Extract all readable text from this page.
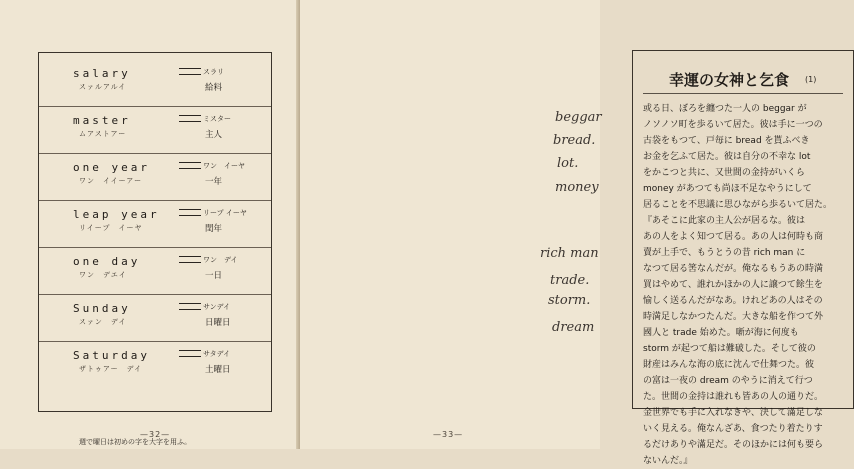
salary
スァルアルイ
スラリ
給料
master
ムアストアー
ミスター
主人
one year
ワン　イイーアー
ワン　イーヤ
一年
leap year
リイープ　イーヤ
リープ イーヤ
閏年
one day
ワン　デエイ
ワン　デイ
一日
Sunday
スァン　デイ
サンデイ
日曜日
Saturday
ザトゥアー　デイ
サタデイ
土曜日
週で曜日は初めの字を大字を用ふ。
—32—
幸運の女神と乞食 (1)
或る日、ぼろを纏つた一人の beggar が
ノソノソ町を歩るいて居た。彼は手に一つの
古袋をもつて、戸毎に bread を貰ふべき
お金を乞ふて居た。彼は自分の不幸な lot
をかこつと共に、又世間の金持がいくら
money があつても尚ほ不足なやうにして
居ることを不思議に思ひながら歩るいて居た。
『あそこに此家の主人公が居るな。彼は
あの人をよく知つて居る。あの人は何時も商
賣が上手で、もうとうの昔 rich man に
なつて居る筈なんだが。俺なるもうあの時満
買はやめて、誰れかほかの人に譲つて餘生を
愉しく送るんだがなあ。けれどあの人はその
時満足しなかつたんだ。大きな船を作つて外
國人と trade 始めた。噺が海に何度も
storm が起つて船は難破した。そして彼の
財産はみんな海の底に沈んで仕舞つた。彼
の富は一夜の dream のやうに消えて行つ
た。世間の金持は誰れも皆あの人の通りだ。
金世界でも手に入れなきや、決して滿足しな
いく見える。俺なんざあ、食つたり着たりす
るだけありや滿足だ。そのほかには何も要ら
ないんだ。』
beggar
bread.
lot.
money
rich man
trade.
storm.
dream
—33—
